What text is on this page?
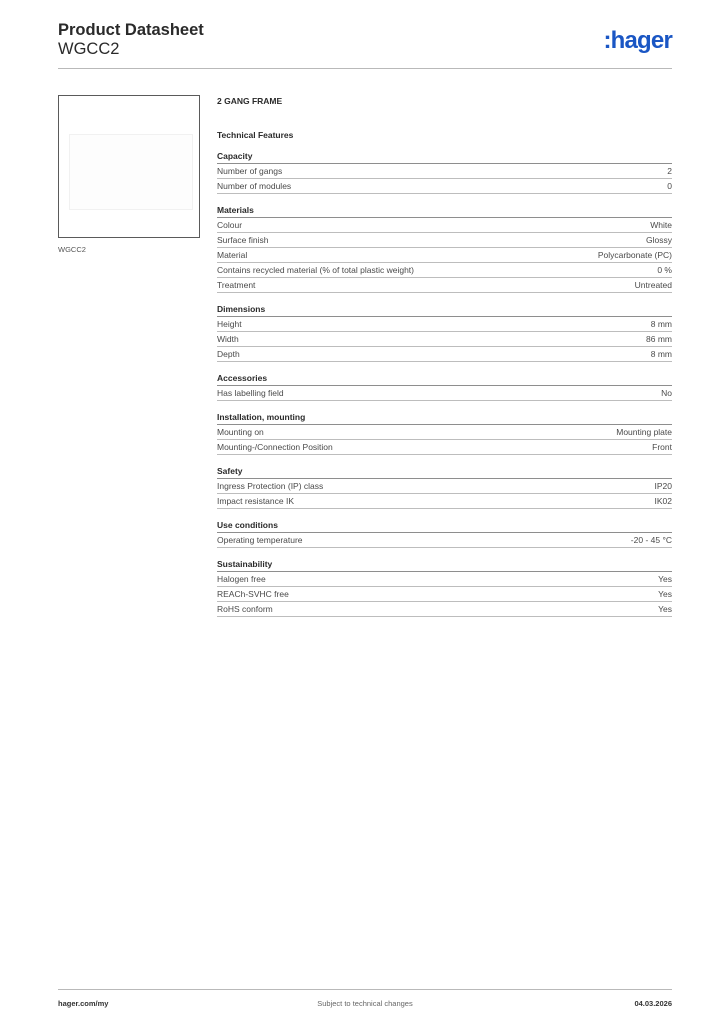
Product Datasheet
WGCC2	:hager
WGCC2
2 GANG FRAME
Technical Features
Capacity
Number of gangs	2
Number of modules	0
Materials
Colour	White
Surface finish	Glossy
Material	Polycarbonate (PC)
Contains recycled material (% of total plastic weight)	0 %
Treatment	Untreated
Dimensions
Height	8 mm
Width	86 mm
Depth	8 mm
Accessories
Has labelling field	No
Installation, mounting
Mounting on	Mounting plate
Mounting-/Connection Position	Front
Safety
Ingress Protection (IP) class	IP20
Impact resistance IK	IK02
Use conditions
Operating temperature	-20 - 45 °C
Sustainability
Halogen free	Yes
REACh-SVHC free	Yes
RoHS conform	Yes
hager.com/my	Subject to technical changes	04.03.2026
